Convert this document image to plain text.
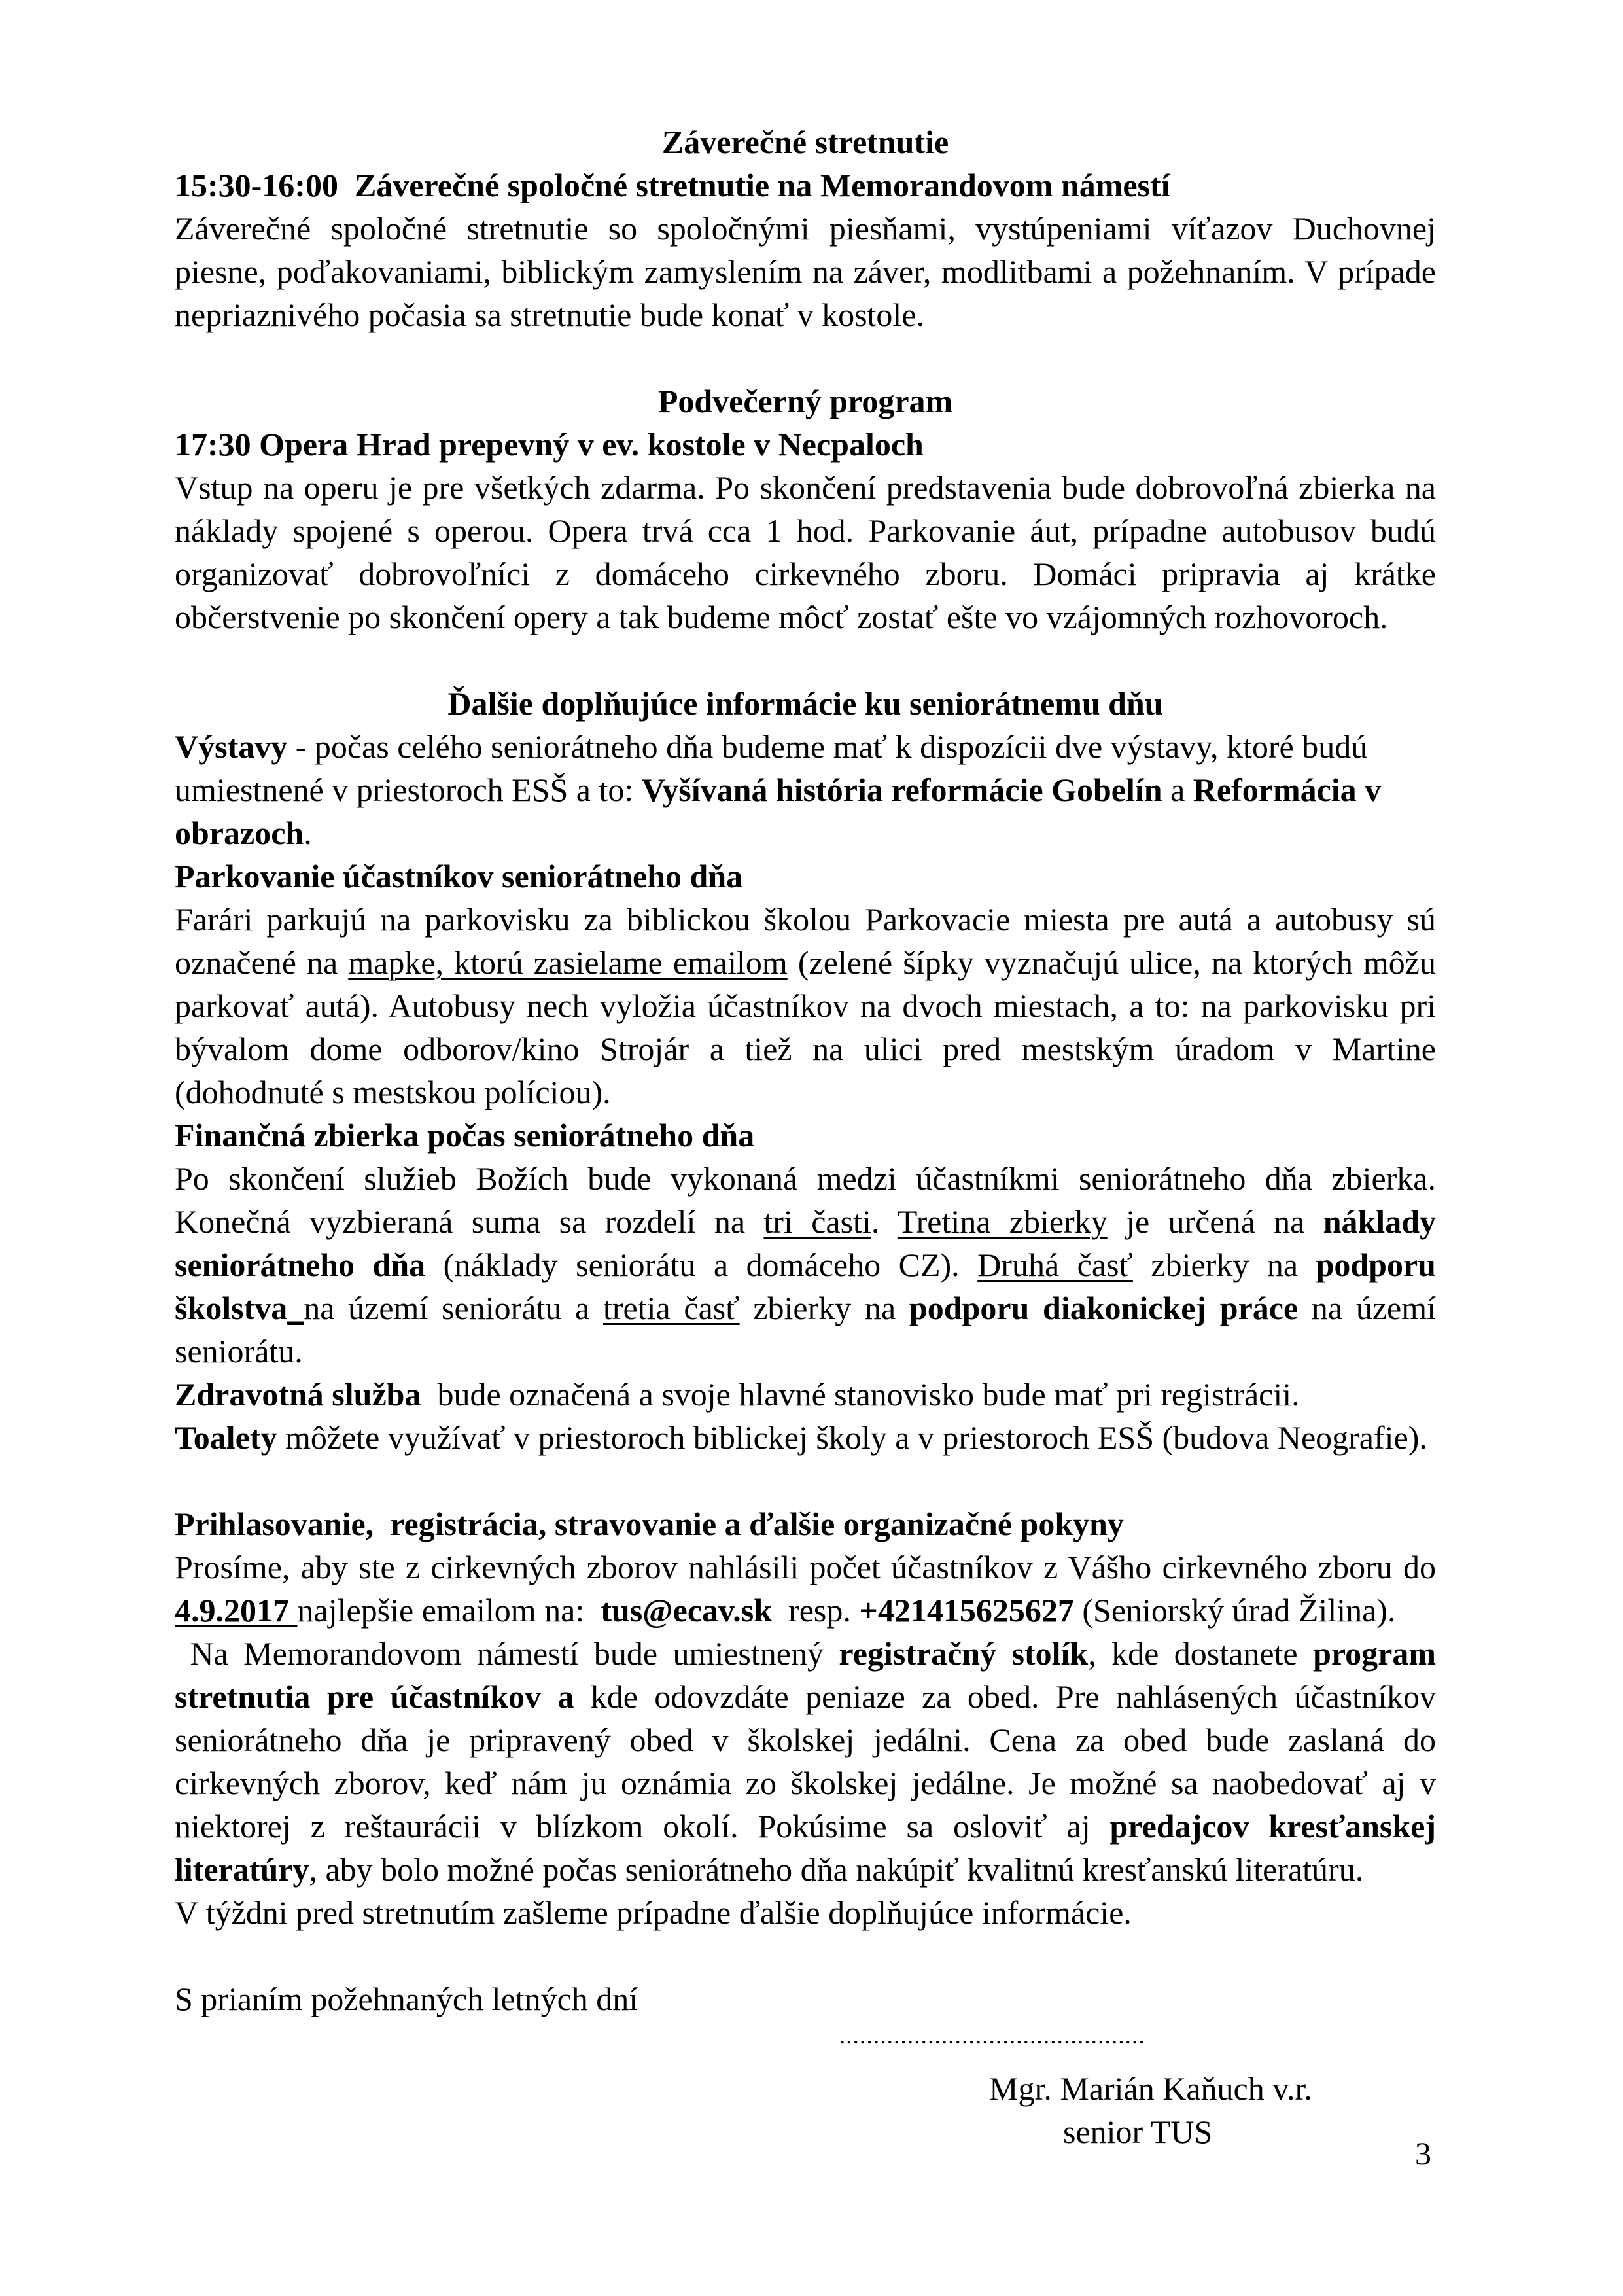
Záverečné stretnutie
15:30-16:00 Záverečné spoločné stretnutie na Memorandovom námestí
Záverečné spoločné stretnutie so spoločnými piesňami, vystúpeniami víťazov Duchovnej
piesne, poďakovaniami, biblickým zamyslením na záver, modlitbami a požehnaním. V prípade
nepriaznivého počasia sa stretnutie bude konať v kostole.
Podvečerný program
17:30 Opera Hrad prepevný v ev. kostole v Necpaloch
Vstup na operu je pre všetkých zdarma. Po skončení predstavenia bude dobrovoľná zbierka na
náklady spojené s operou. Opera trvá cca 1 hod. Parkovanie áut, prípadne autobusov budú
organizovať dobrovoľníci z domáceho cirkevného zboru. Domáci pripravia aj krátke
občerstvenie po skončení opery a tak budeme môcť zostať ešte vo vzájomných rozhovoroch.
Ďalšie doplňujúce informácie ku seniorátnemu dňu
Výstavy - počas celého seniorátneho dňa budeme mať k dispozícii dve výstavy, ktoré budú
umiestnené v priestoroch ESŠ a to: Vyšívaná história reformácie Gobelín a Reformácia v
obrazoch.
Parkovanie účastníkov seniorátneho dňa
Farári parkujú na parkovisku za biblickou školou Parkovacie miesta pre autá a autobusy sú
označené na mapke, ktorú zasielame emailom (zelené šípky vyznačujú ulice, na ktorých môžu
parkovať autá). Autobusy nech vyložia účastníkov na dvoch miestach, a to: na parkovisku pri
bývalom dome odborov/kino Strojár a tiež na ulici pred mestským úradom v Martine
(dohodnuté s mestskou políciou).
Finančná zbierka počas seniorátneho dňa
Po skončení služieb Božích bude vykonaná medzi účastníkmi seniorátneho dňa zbierka.
Konečná vyzbieraná suma sa rozdelí na tri časti. Tretina zbierky je určená na náklady
seniorátneho dňa (náklady seniorátu a domáceho CZ). Druhá časť zbierky na podporu
školstva_na území seniorátu a tretia časť zbierky na podporu diakonickej práce na území
seniorátu.
Zdravotná služba  bude označená a svoje hlavné stanovisko bude mať pri registrácii.
Toalety môžete využívať v priestoroch biblickej školy a v priestoroch ESŠ (budova Neografie).
Prihlasovanie,  registrácia, stravovanie a ďalšie organizačné pokyny
Prosíme, aby ste z cirkevných zborov nahlásili počet účastníkov z Vášho cirkevného zboru do
4.9.2017 najlepšie emailom na:  tus@ecav.sk  resp. +421415625627 (Seniorský úrad Žilina).
Na Memorandovom námestí bude umiestnený registračný stolík, kde dostanete program
stretnutia pre účastníkov a kde odovzdáte peniaze za obed. Pre nahlásených účastníkov
seniorátneho dňa je pripravený obed v školskej jedálni. Cena za obed bude zaslaná do
cirkevných zborov, keď nám ju oznámia zo školskej jedálne. Je možné sa naobedovať aj v
niektorej z reštaurácii v blízkom okolí. Pokúsime sa osloviť aj predajcov kresťanskej
literatúry, aby bolo možné počas seniorátneho dňa nakúpiť kvalitnú kresťanskú literatúru.
V týždni pred stretnutím zašleme prípadne ďalšie doplňujúce informácie.
S prianím požehnaných letných dní
.............................................
Mgr. Marián Kaňuch v.r.
senior TUS
3
